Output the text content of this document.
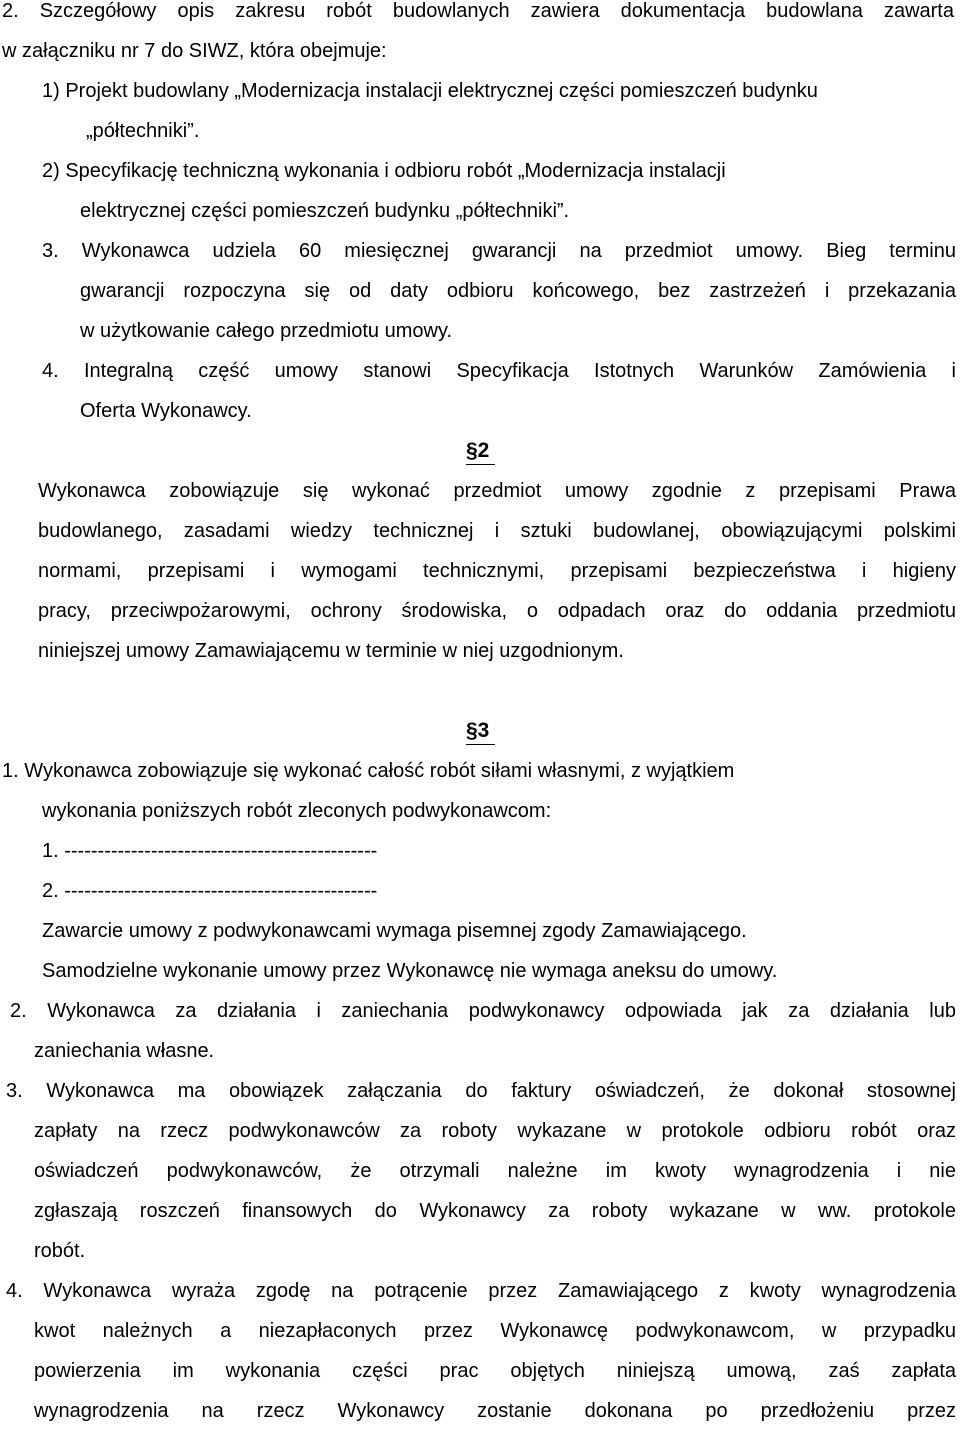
2. Szczegółowy opis zakresu robót budowlanych zawiera dokumentacja budowlana zawarta

w załączniku nr 7 do SIWZ, która obejmuje:

1) Projekt budowlany „Modernizacja instalacji elektrycznej części pomieszczeń budynku

„półtechniki”.

2) Specyfikację techniczną wykonania i odbioru robót „Modernizacja instalacji

elektrycznej części pomieszczeń budynku „półtechniki”.

3. Wykonawca udziela 60 miesięcznej gwarancji na przedmiot umowy. Bieg terminu

gwarancji rozpoczyna się od daty odbioru końcowego, bez zastrzeżeń i przekazania

w użytkowanie całego przedmiotu umowy.

4. Integralną część umowy stanowi Specyfikacja Istotnych Warunków Zamówienia i

Oferta Wykonawcy.

§2

Wykonawca zobowiązuje się wykonać przedmiot umowy zgodnie z przepisami Prawa

budowlanego, zasadami wiedzy technicznej i sztuki budowlanej, obowiązującymi polskimi

normami, przepisami i wymogami technicznymi, przepisami bezpieczeństwa i higieny

pracy, przeciwpożarowymi, ochrony środowiska, o odpadach oraz do oddania przedmiotu

niniejszej umowy Zamawiającemu w terminie w niej uzgodnionym.

§3

1. Wykonawca zobowiązuje się wykonać całość robót siłami własnymi, z wyjątkiem

wykonania poniższych robót zleconych podwykonawcom:

1. -----------------------------------------------

2. -----------------------------------------------

Zawarcie umowy z podwykonawcami wymaga pisemnej zgody Zamawiającego.

Samodzielne wykonanie umowy przez Wykonawcę nie wymaga aneksu do umowy.

2. Wykonawca za działania i zaniechania podwykonawcy odpowiada jak za działania lub

zaniechania własne.

3. Wykonawca ma obowiązek załączania do faktury oświadczeń, że dokonał stosownej

zapłaty na rzecz podwykonawców za roboty wykazane w protokole odbioru robót oraz

oświadczeń podwykonawców, że otrzymali należne im kwoty wynagrodzenia i nie

zgłaszają roszczeń finansowych do Wykonawcy za roboty wykazane w ww. protokole

robót.

4. Wykonawca wyraża zgodę na potrącenie przez Zamawiającego z kwoty wynagrodzenia

kwot należnych a niezapłaconych przez Wykonawcę podwykonawcom, w przypadku

powierzenia im wykonania części prac objętych niniejszą umową, zaś zapłata

wynagrodzenia na rzecz Wykonawcy zostanie dokonana po przedłożeniu przez
